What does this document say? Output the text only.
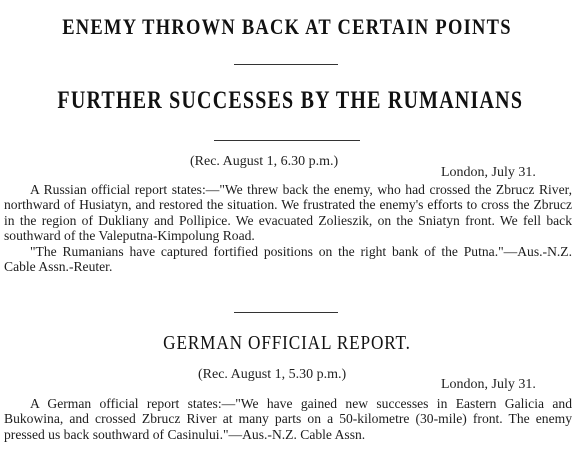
ENEMY THROWN BACK AT CERTAIN POINTS
FURTHER SUCCESSES BY THE RUMANIANS
(Rec. August 1, 6.30 p.m.)
London, July 31.

A Russian official report states:—"We threw back the enemy, who had crossed the Zbrucz River, northward of Husiatyn, and restored the situation. We frustrated the enemy's efforts to cross the Zbrucz in the region of Dukliany and Pollipice. We evacuated Zolieszik, on the Sniatyn front. We fell back southward of the Valeputna-Kimpolung Road.

"The Rumanians have captured fortified positions on the right bank of the Putna."—Aus.-N.Z. Cable Assn.-Reuter.

GERMAN OFFICIAL REPORT.
(Rec. August 1, 5.30 p.m.)
London, July 31.

A German official report states:—"We have gained new successes in Eastern Galicia and Bukowina, and crossed Zbrucz River at many parts on a 50-kilometre (30-mile) front. The enemy pressed us back southward of Casinului."—Aus.-N.Z. Cable Assn.
